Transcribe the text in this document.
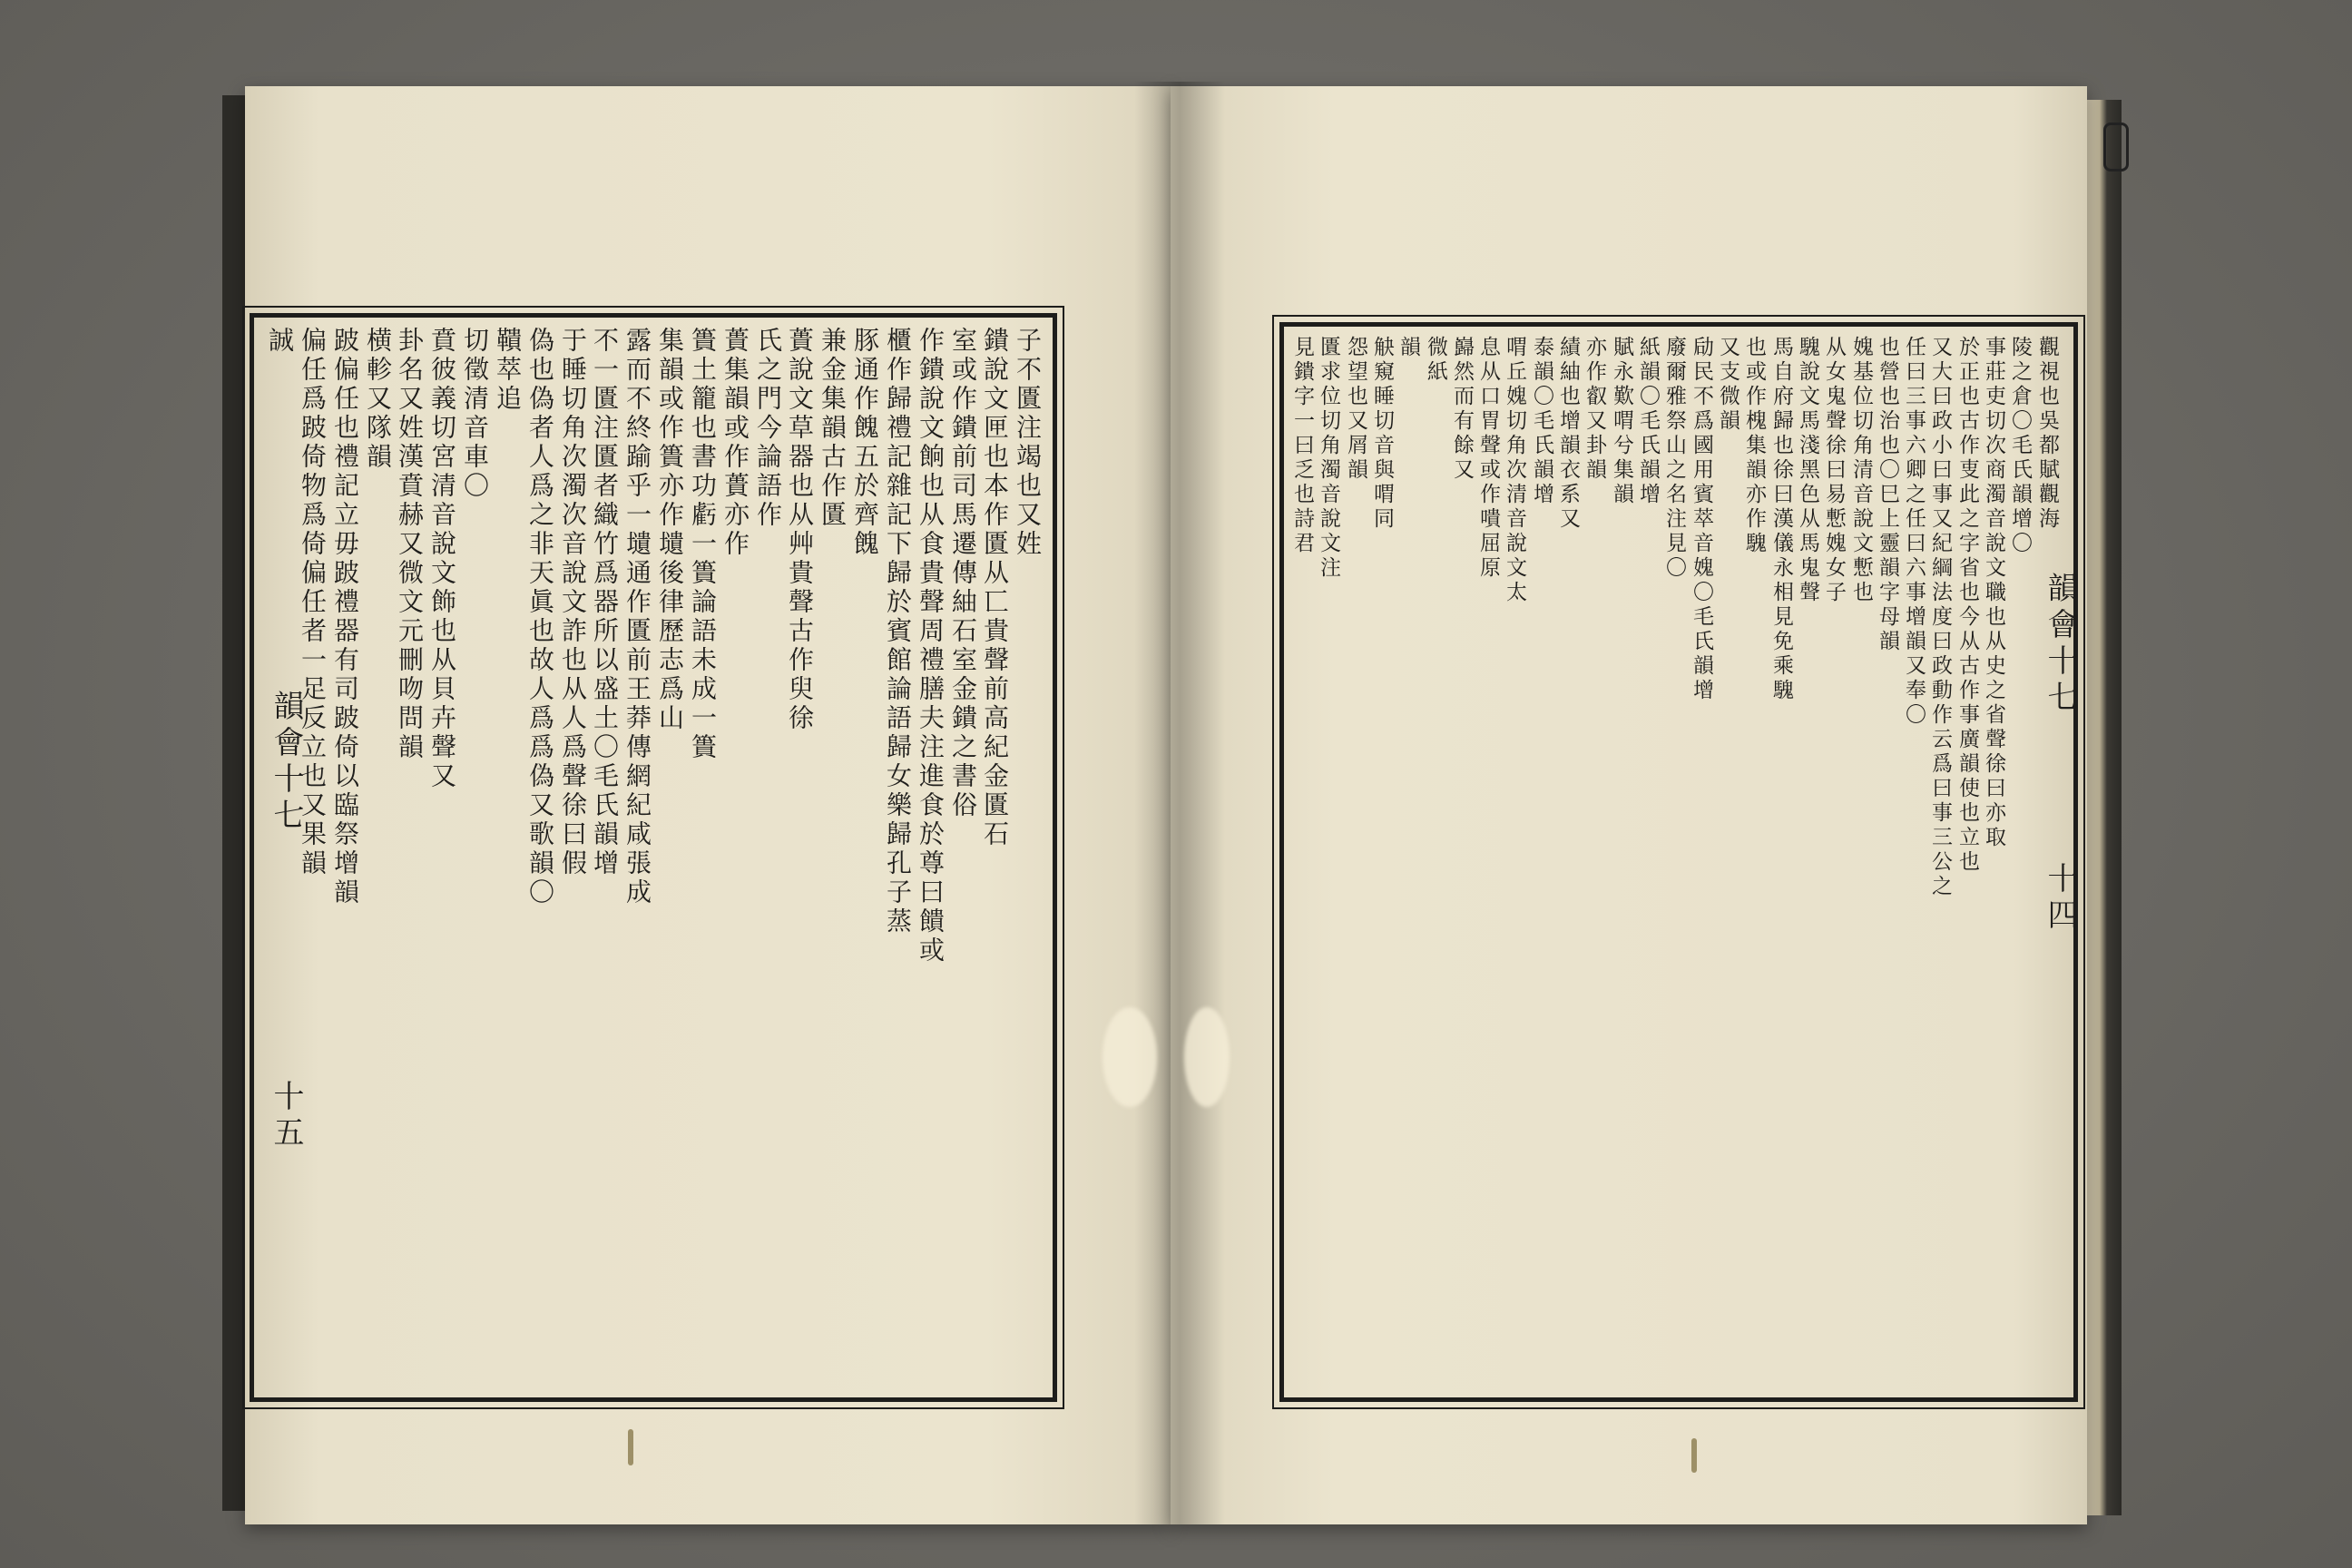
子不匱注竭也又姓
鐀說文匣也本作匱从匸貴聲前高紀金匱石
室或作鐀前司馬遷傳紬石室金鐀之書俗
作鐀說文餉也从食貴聲周禮膳夫注進食於尊曰饋或
櫃作歸禮記雜記下歸於賓館論語歸女樂歸孔子蒸
豚通作餽五於齊餽
兼金集韻古作匱
蕢說文草器也从艸貴聲古作臾徐
氏之門今論語作
蕢集韻或作蕢亦作
簣土籠也書功虧一簣論語未成一簣
集韻或作簣亦作壝後律歷志爲山
露而不終踰乎一壝通作匱前王莽傳網紀咸張成
不一匱注匱者織竹爲器所以盛土〇毛氏韻增
于睡切角次濁次音說文詐也从人爲聲徐曰假
偽也偽者人爲之非天眞也故人爲爲偽又歌韻〇
鞼萃追
切徵清音車〇
賁彼義切宮清音說文飾也从貝卉聲又
卦名又姓漢賁赫又微文元刪吻問韻
横軫又隊韻
跛偏任也禮記立毋跛禮器有司跛倚以臨祭增韻
偏任爲跛倚物爲倚偏任者一足反立也又果韻
誠	觀視也吳都賦觀海
陵之倉〇毛氏韻增〇
事莊吏切次商濁音說文職也从史之省聲徐曰亦取
於正也古作叓此之字省也今从古作事廣韻使也立也
又大曰政小曰事又紀綱法度曰政動作云爲曰事三公之
任曰三事六卿之任曰六事增韻又奉〇
也營也治也〇巳上靈韻字母韻
媿基位切角清音說文慙也
从女鬼聲徐曰易慙媿女子
騩說文馬淺黑色从馬鬼聲
馬自府歸也徐曰漢儀永相見免乘騩
也或作槐集韻亦作騩
又支微韻
劶民不爲國用賓萃音媿〇毛氏韻增
廢爾雅祭山之名注見〇
紙韻〇毛氏韻增
賦永歎喟兮集韻
亦作叡又卦韻
績紬也增韻衣系又
泰韻〇毛氏韻增
喟丘媿切角次清音說文太
息从口胃聲或作嘳屈原
巋然而有餘又
微紙
韻
觖窺睡切音與喟同
怨望也又屑韻
匱求位切角濁音說文注
見鐀字一曰乏也詩君
韻會十七
十五
韻會十七
十四
